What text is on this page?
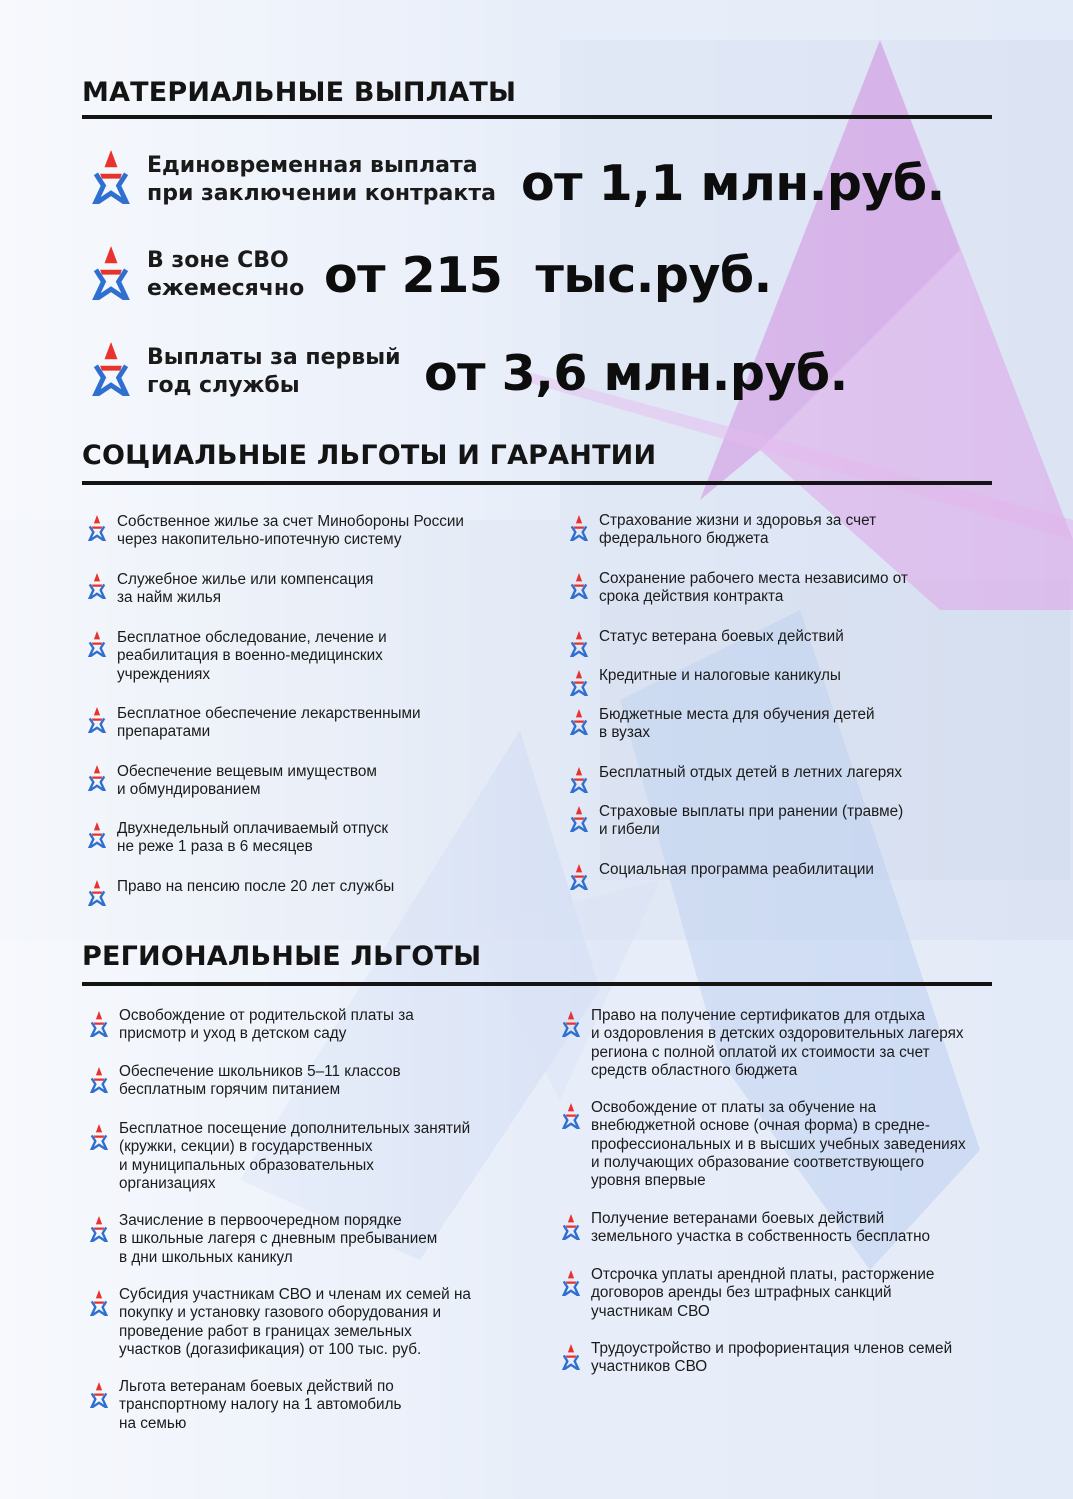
МАТЕРИАЛЬНЫЕ ВЫПЛАТЫ
Единовременная выплата
при заключении контракта от 1,1 млн.руб.
В зоне СВО
ежемесячно от 215  тыс.руб.
Выплаты за первый
год службы	от 3,6 млн.руб.
СОЦИАЛЬНЫЕ ЛЬГОТЫ И ГАРАНТИИ
РЕГИОНАЛЬНЫЕ ЛЬГОТЫ
Собственное жилье за счет Минобороны России
через накопительно-ипотечную систему
Служебное жилье или компенсация
за найм жилья
Бесплатное обследование, лечение и
реабилитация в военно-медицинских
учреждениях
Бесплатное обеспечение лекарственными
препаратами
Обеспечение вещевым имуществом
и обмундированием
Двухнедельный оплачиваемый отпуск
не реже 1 раза в 6 месяцев
Право на пенсию после 20 лет службы
Страхование жизни и здоровья за счет
федерального бюджета
Сохранение рабочего места независимо от
срока действия контракта
Статус ветерана боевых действий
Кредитные и налоговые каникулы
Бюджетные места для обучения детей
в вузах
Бесплатный отдых детей в летних лагерях
Страховые выплаты при ранении (травме)
и гибели
Социальная программа реабилитации
Освобождение от родительской платы за
присмотр и уход в детском саду
Обеспечение школьников 5–11 классов
бесплатным горячим питанием
Бесплатное посещение дополнительных занятий
(кружки, секции) в государственных
и муниципальных образовательных
организациях
Зачисление в первоочередном порядке
в школьные лагеря с дневным пребыванием
в дни школьных каникул
Субсидия участникам СВО и членам их семей на
покупку и установку газового оборудования и
проведение работ в границах земельных
участков (догазификация) от 100 тыс. руб.
Льгота ветеранам боевых действий по
транспортному налогу на 1 автомобиль
на семью
Право на получение сертификатов для отдыха
и оздоровления в детских оздоровительных лагерях
региона с полной оплатой их стоимости за счет
средств областного бюджета
Освобождение от платы за обучение на
внебюджетной основе (очная форма) в средне-
профессиональных и в высших учебных заведениях
и получающих образование соответствующего
уровня впервые
Получение ветеранами боевых действий
земельного участка в собственность бесплатно
Отсрочка уплаты арендной платы, расторжение
договоров аренды без штрафных санкций
участникам СВО
Трудоустройство и профориентация членов семей
участников СВО
